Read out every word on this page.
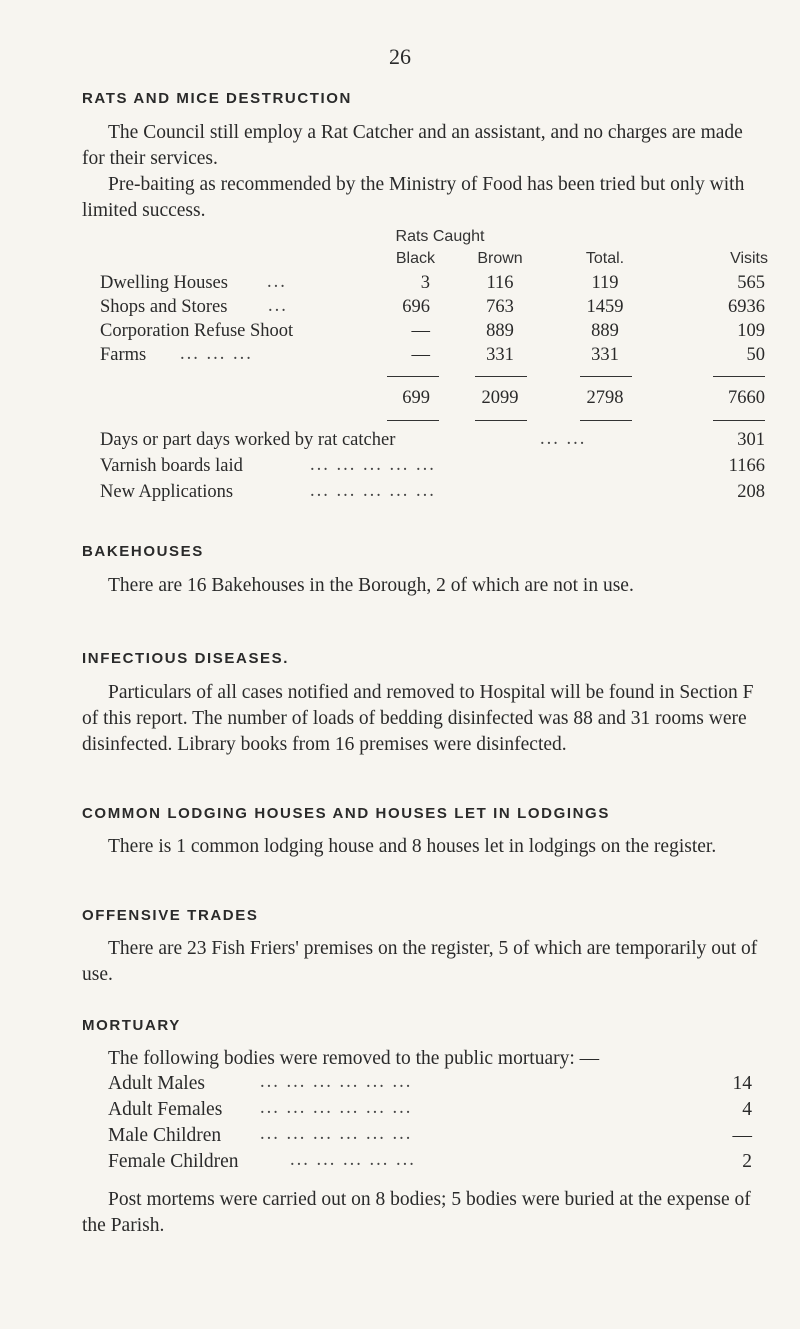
26
RATS AND MICE DESTRUCTION
The Council still employ a Rat Catcher and an assistant, and no charges are made for their services.
Pre-baiting as recommended by the Ministry of Food has been tried but only with limited success.
Rats Caught
Black	Brown	Total.	Visits
Dwelling Houses ...	3	116	119	565
Shops and Stores ...	696	763	1459	6936
Corporation Refuse Shoot	—	889	889	109
Farms ... ... ...	—	331	331	50
699	2099	2798	7660
Days or part days worked by rat catcher	... ...	301
Varnish boards laid	... ... ... ... ...	1166
New Applications	... ... ... ... ...	208
BAKEHOUSES
There are 16 Bakehouses in the Borough, 2 of which are not in use.
INFECTIOUS DISEASES.
Particulars of all cases notified and removed to Hospital will be found in Section F of this report. The number of loads of bedding disinfected was 88 and 31 rooms were disinfected. Library books from 16 premises were disinfected.
COMMON LODGING HOUSES AND HOUSES LET IN LODGINGS
There is 1 common lodging house and 8 houses let in lodgings on the register.
OFFENSIVE TRADES
There are 23 Fish Friers' premises on the register, 5 of which are temporarily out of use.
MORTUARY
The following bodies were removed to the public mortuary: —
Adult Males	... ... ... ... ... ...	14
Adult Females ... ... ... ... ... ...	4
Male Children ... ... ... ... ... ...	—
Female Children	... ... ... ... ...	2
Post mortems were carried out on 8 bodies; 5 bodies were buried at the expense of the Parish.
